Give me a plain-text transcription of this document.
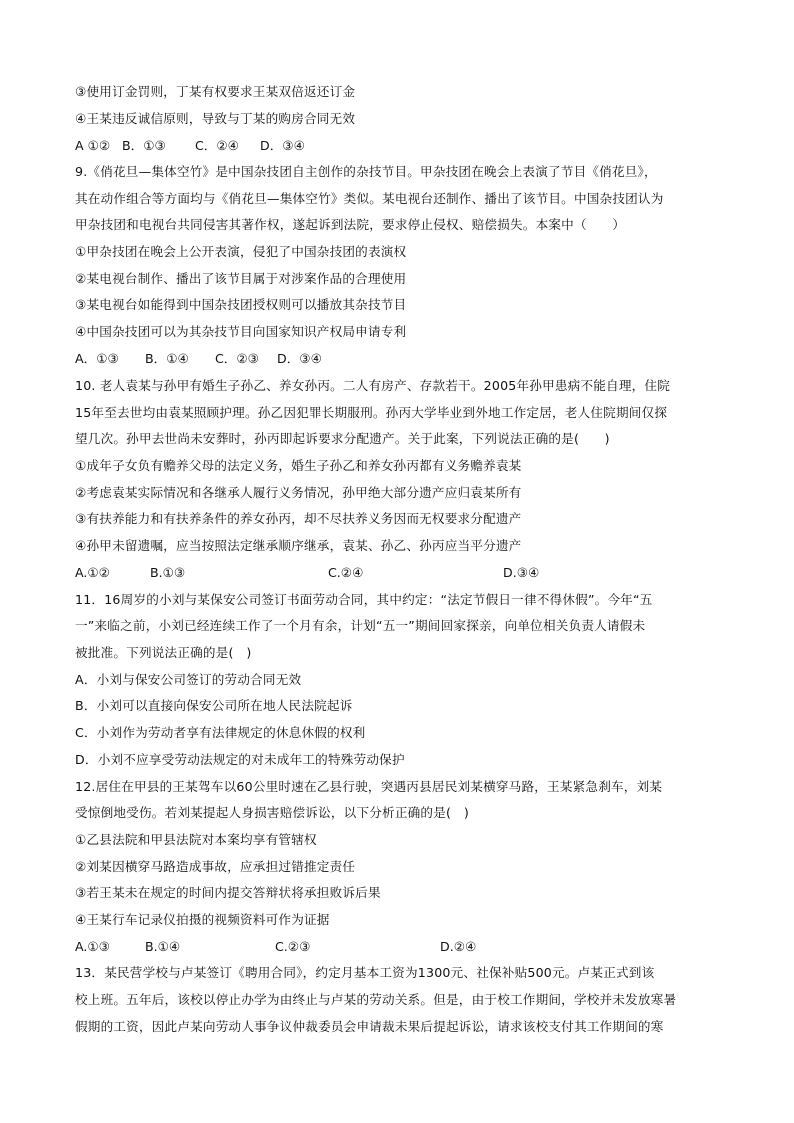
③使用订金罚则，丁某有权要求王某双倍返还订金
④王某违反诚信原则，导致与丁某的购房合同无效
A ①② B．①③ C．②④ D．③④
9.《俏花旦—集体空竹》是中国杂技团自主创作的杂技节目。甲杂技团在晚会上表演了节目《俏花旦》，
其在动作组合等方面均与《俏花旦—集体空竹》类似。某电视台还制作、播出了该节目。中国杂技团认为
甲杂技团和电视台共同侵害其著作权，遂起诉到法院，要求停止侵权、赔偿损失。本案中（　　）
①甲杂技团在晚会上公开表演，侵犯了中国杂技团的表演权
②某电视台制作、播出了该节目属于对涉案作品的合理使用
③某电视台如能得到中国杂技团授权则可以播放其杂技节目
④中国杂技团可以为其杂技节目向国家知识产权局申请专利
A．①③ B．①④ C．②③ D．③④
10. 老人袁某与孙甲有婚生子孙乙、养女孙丙。二人有房产、存款若干。2005年孙甲患病不能自理，住院
15年至去世均由袁某照顾护理。孙乙因犯罪长期服刑。孙丙大学毕业到外地工作定居，老人住院期间仅探
望几次。孙甲去世尚未安葬时，孙丙即起诉要求分配遗产。关于此案，下列说法正确的是(　　)
①成年子女负有赡养父母的法定义务，婚生子孙乙和养女孙丙都有义务赡养袁某
②考虑袁某实际情况和各继承人履行义务情况，孙甲绝大部分遗产应归袁某所有
③有扶养能力和有扶养条件的养女孙丙，却不尽扶养义务因而无权要求分配遗产
④孙甲未留遗嘱，应当按照法定继承顺序继承，袁某、孙乙、孙丙应当平分遗产
A.①②	B.①③	C.②④	D.③④
11．16周岁的小刘与某保安公司签订书面劳动合同，其中约定：“法定节假日一律不得休假”。今年“五
一”来临之前，小刘已经连续工作了一个月有余，计划“五一”期间回家探亲，向单位相关负责人请假未
被批准。下列说法正确的是(　)
A．小刘与保安公司签订的劳动合同无效
B．小刘可以直接向保安公司所在地人民法院起诉
C．小刘作为劳动者享有法律规定的休息休假的权利
D．小刘不应享受劳动法规定的对未成年工的特殊劳动保护
12.居住在甲县的王某驾车以60公里时速在乙县行驶，突遇丙县居民刘某横穿马路，王某紧急刹车，刘某
受惊倒地受伤。若刘某提起人身损害赔偿诉讼，以下分析正确的是(　)
①乙县法院和甲县法院对本案均享有管辖权
②刘某因横穿马路造成事故，应承担过错推定责任
③若王某未在规定的时间内提交答辩状将承担败诉后果
④王某行车记录仪拍摄的视频资料可作为证据
A.①③	B.①④	C.②③	D.②④
13．某民营学校与卢某签订《聘用合同》，约定月基本工资为1300元、社保补贴500元。卢某正式到该
校上班。五年后，该校以停止办学为由终止与卢某的劳动关系。但是，由于校工作期间，学校并未发放寒暑
假期的工资，因此卢某向劳动人事争议仲裁委员会申请裁未果后提起诉讼，请求该校支付其工作期间的寒
